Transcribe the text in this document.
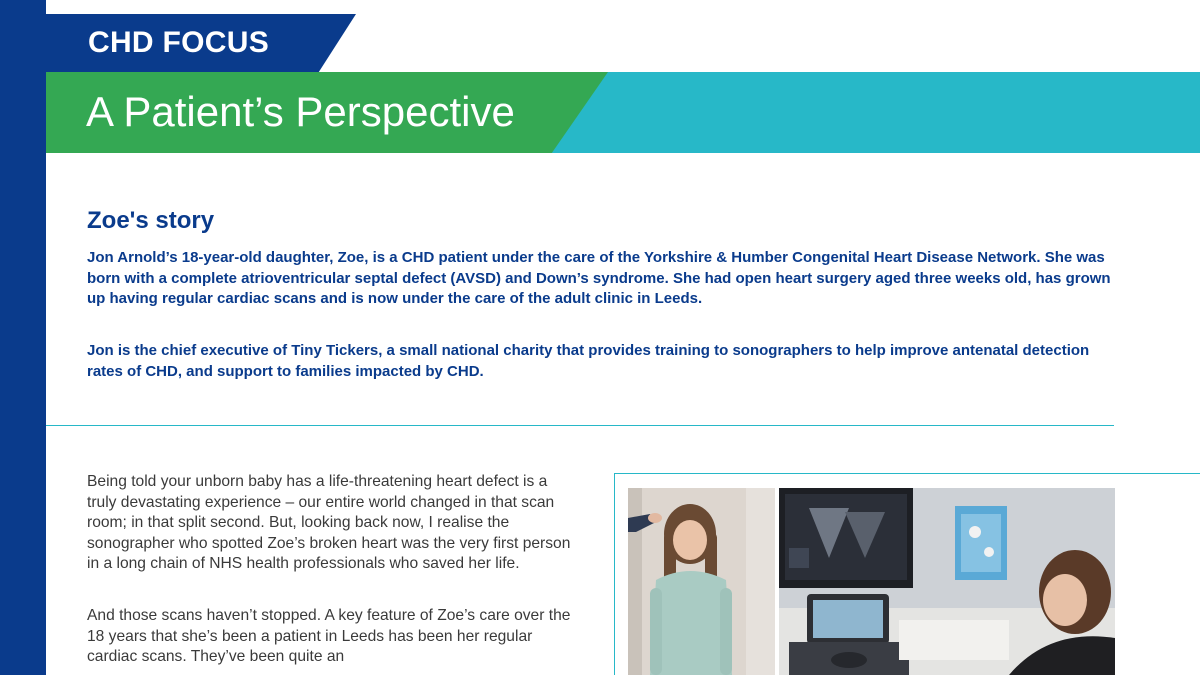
CHD FOCUS
A Patient’s Perspective
Zoe's story

Jon Arnold’s 18-year-old daughter, Zoe, is a CHD patient under the care of the Yorkshire & Humber Congenital Heart Disease Network. She was born with a complete atrioventricular septal defect (AVSD) and Down’s syndrome. She had open heart surgery aged three weeks old, has grown up having regular cardiac scans and is now under the care of the adult clinic in Leeds.

Jon is the chief executive of Tiny Tickers, a small national charity that provides training to sonographers to help improve antenatal detection rates of CHD, and support to families impacted by CHD.

Being told your unborn baby has a life-threatening heart defect is a truly devastating experience – our entire world changed in that scan room; in that split second. But, looking back now, I realise the sonographer who spotted Zoe’s broken heart was the very first person in a long chain of NHS health professionals who saved her life.

And those scans haven’t stopped. A key feature of Zoe’s care over the 18 years that she’s been a patient in Leeds has been her regular cardiac scans. They’ve been quite an
